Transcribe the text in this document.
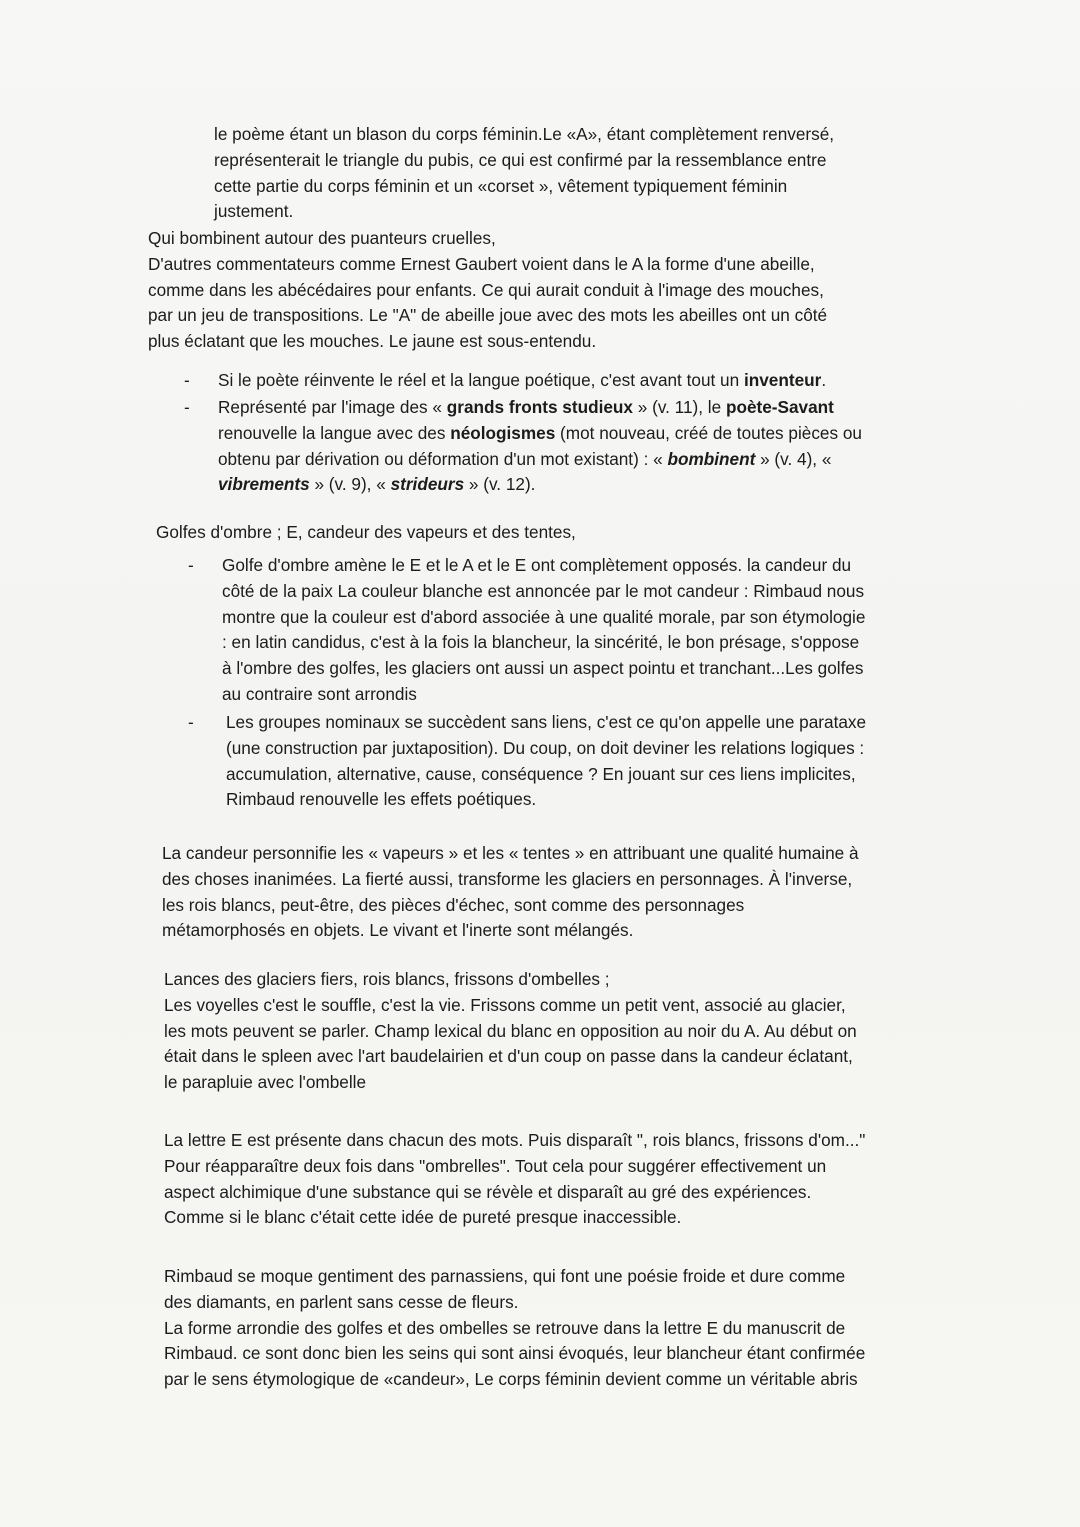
le poème étant un blason du corps féminin.Le «A», étant complètement renversé,

représenterait le triangle du pubis, ce qui est confirmé par la ressemblance entre

cette partie du corps féminin et un «corset », vêtement typiquement féminin

justement.

Qui bombinent autour des puanteurs cruelles,

D'autres commentateurs comme Ernest Gaubert voient dans le A la forme d'une abeille,

comme dans les abécédaires pour enfants. Ce qui aurait conduit à l'image des mouches,

par un jeu de transpositions. Le "A" de abeille joue avec des mots les abeilles ont un côté

plus éclatant que les mouches. Le jaune est sous-entendu.

- Si le poète réinvente le réel et la langue poétique, c'est avant tout un inventeur.

- Représenté par l'image des « grands fronts studieux » (v. 11), le poète-Savant

renouvelle la langue avec des néologismes (mot nouveau, créé de toutes pièces ou

obtenu par dérivation ou déformation d'un mot existant) : « bombinent » (v. 4), «

vibrements » (v. 9), « strideurs » (v. 12).

Golfes d'ombre ; E, candeur des vapeurs et des tentes,

- Golfe d'ombre amène le E et le A et le E ont complètement opposés. la candeur du

côté de la paix La couleur blanche est annoncée par le mot candeur : Rimbaud nous

montre que la couleur est d'abord associée à une qualité morale, par son étymologie

: en latin candidus, c'est à la fois la blancheur, la sincérité, le bon présage, s'oppose

à l'ombre des golfes, les glaciers ont aussi un aspect pointu et tranchant...Les golfes

au contraire sont arrondis

- Les groupes nominaux se succèdent sans liens, c'est ce qu'on appelle une parataxe

(une construction par juxtaposition). Du coup, on doit deviner les relations logiques :

accumulation, alternative, cause, conséquence ? En jouant sur ces liens implicites,

Rimbaud renouvelle les effets poétiques.

La candeur personnifie les « vapeurs » et les « tentes » en attribuant une qualité humaine à

des choses inanimées. La fierté aussi, transforme les glaciers en personnages. À l'inverse,

les rois blancs, peut-être, des pièces d'échec, sont comme des personnages

métamorphosés en objets. Le vivant et l'inerte sont mélangés.

Lances des glaciers fiers, rois blancs, frissons d'ombelles ;

Les voyelles c'est le souffle, c'est la vie. Frissons comme un petit vent, associé au glacier,

les mots peuvent se parler. Champ lexical du blanc en opposition au noir du A. Au début on

était dans le spleen avec l'art baudelairien et d'un coup on passe dans la candeur éclatant,

le parapluie avec l'ombelle

La lettre E est présente dans chacun des mots. Puis disparaît ", rois blancs, frissons d'om..."

Pour réapparaître deux fois dans "ombrelles". Tout cela pour suggérer effectivement un

aspect alchimique d'une substance qui se révèle et disparaît au gré des expériences.

Comme si le blanc c'était cette idée de pureté presque inaccessible.

Rimbaud se moque gentiment des parnassiens, qui font une poésie froide et dure comme

des diamants, en parlent sans cesse de fleurs.

La forme arrondie des golfes et des ombelles se retrouve dans la lettre E du manuscrit de

Rimbaud. ce sont donc bien les seins qui sont ainsi évoqués, leur blancheur étant confirmée

par le sens étymologique de «candeur», Le corps féminin devient comme un véritable abris
